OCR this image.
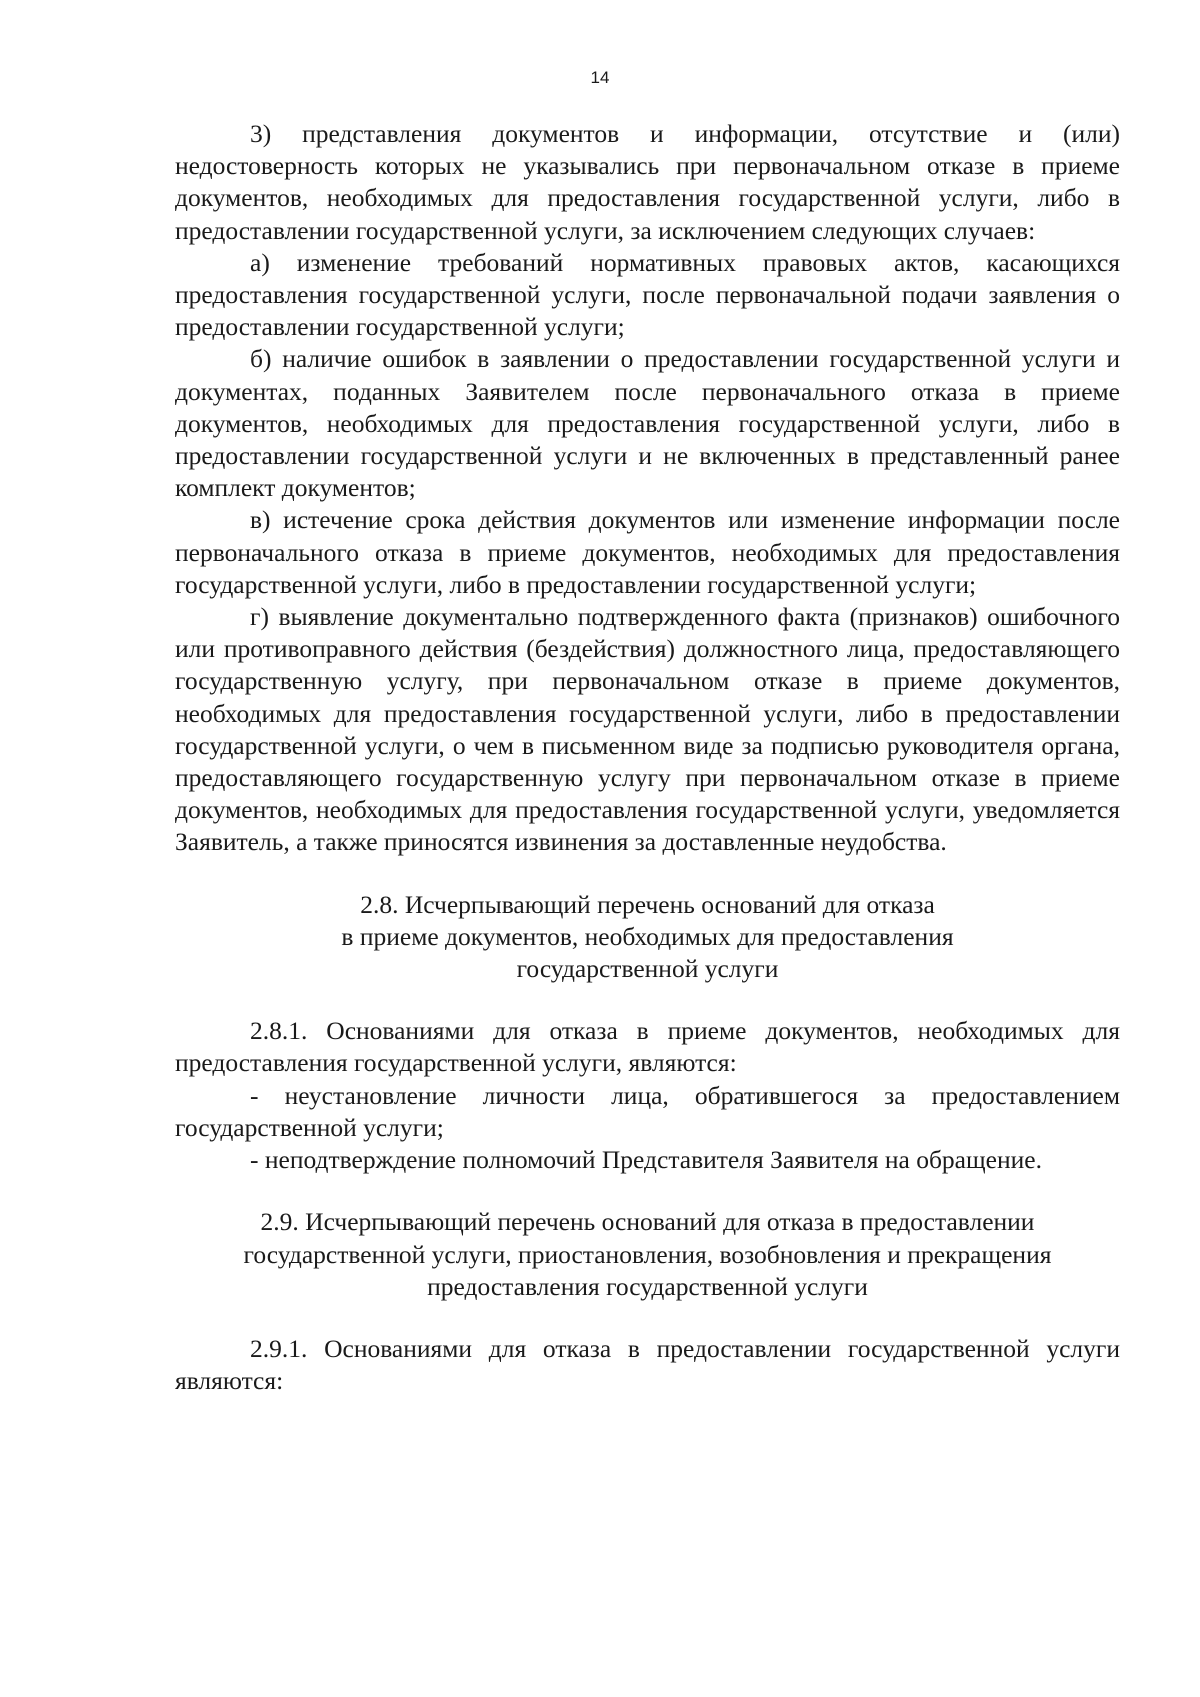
14

3) представления документов и информации, отсутствие и (или) недостоверность которых не указывались при первоначальном отказе в приеме документов, необходимых для предоставления государственной услуги, либо в предоставлении государственной услуги, за исключением следующих случаев:

а) изменение требований нормативных правовых актов, касающихся предоставления государственной услуги, после первоначальной подачи заявления о предоставлении государственной услуги;

б) наличие ошибок в заявлении о предоставлении государственной услуги и документах, поданных Заявителем после первоначального отказа в приеме документов, необходимых для предоставления государственной услуги, либо в предоставлении государственной услуги и не включенных в представленный ранее комплект документов;

в) истечение срока действия документов или изменение информации после первоначального отказа в приеме документов, необходимых для предоставления государственной услуги, либо в предоставлении государственной услуги;

г) выявление документально подтвержденного факта (признаков) ошибочного или противоправного действия (бездействия) должностного лица, предоставляющего государственную услугу, при первоначальном отказе в приеме документов, необходимых для предоставления государственной услуги, либо в предоставлении государственной услуги, о чем в письменном виде за подписью руководителя органа, предоставляющего государственную услугу при первоначальном отказе в приеме документов, необходимых для предоставления государственной услуги, уведомляется Заявитель, а также приносятся извинения за доставленные неудобства.

2.8. Исчерпывающий перечень оснований для отказа
в приеме документов, необходимых для предоставления
государственной услуги

2.8.1. Основаниями для отказа в приеме документов, необходимых для предоставления государственной услуги, являются:

- неустановление личности лица, обратившегося за предоставлением государственной услуги;

- неподтверждение полномочий Представителя Заявителя на обращение.

2.9. Исчерпывающий перечень оснований для отказа в предоставлении
государственной услуги, приостановления, возобновления и прекращения
предоставления государственной услуги

2.9.1. Основаниями для отказа в предоставлении государственной услуги являются:
